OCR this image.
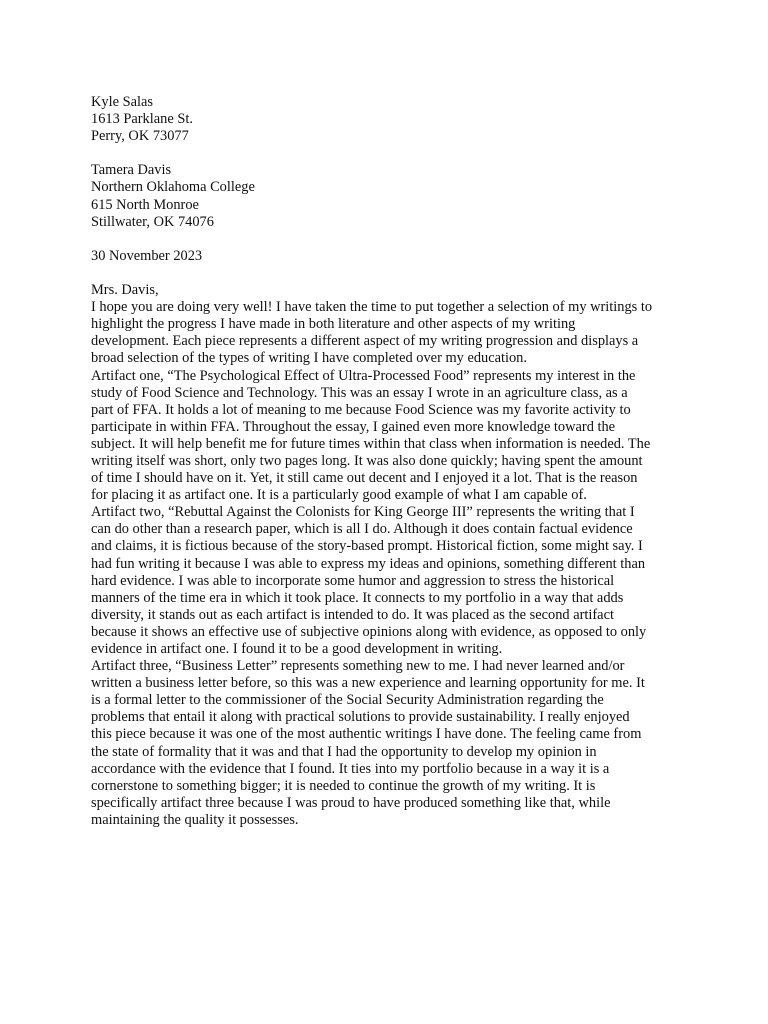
Kyle Salas
1613 Parklane St.
Perry, OK 73077
Tamera Davis
Northern Oklahoma College
615 North Monroe
Stillwater, OK 74076
30 November 2023
Mrs. Davis,
I hope you are doing very well! I have taken the time to put together a selection of my writings to
highlight the progress I have made in both literature and other aspects of my writing
development. Each piece represents a different aspect of my writing progression and displays a
broad selection of the types of writing I have completed over my education.
Artifact one, “The Psychological Effect of Ultra-Processed Food” represents my interest in the
study of Food Science and Technology. This was an essay I wrote in an agriculture class, as a
part of FFA. It holds a lot of meaning to me because Food Science was my favorite activity to
participate in within FFA. Throughout the essay, I gained even more knowledge toward the
subject. It will help benefit me for future times within that class when information is needed. The
writing itself was short, only two pages long. It was also done quickly; having spent the amount
of time I should have on it. Yet, it still came out decent and I enjoyed it a lot. That is the reason
for placing it as artifact one. It is a particularly good example of what I am capable of.
Artifact two, “Rebuttal Against the Colonists for King George III” represents the writing that I
can do other than a research paper, which is all I do. Although it does contain factual evidence
and claims, it is fictious because of the story-based prompt. Historical fiction, some might say. I
had fun writing it because I was able to express my ideas and opinions, something different than
hard evidence. I was able to incorporate some humor and aggression to stress the historical
manners of the time era in which it took place. It connects to my portfolio in a way that adds
diversity, it stands out as each artifact is intended to do. It was placed as the second artifact
because it shows an effective use of subjective opinions along with evidence, as opposed to only
evidence in artifact one. I found it to be a good development in writing.
Artifact three, “Business Letter” represents something new to me. I had never learned and/or
written a business letter before, so this was a new experience and learning opportunity for me. It
is a formal letter to the commissioner of the Social Security Administration regarding the
problems that entail it along with practical solutions to provide sustainability. I really enjoyed
this piece because it was one of the most authentic writings I have done. The feeling came from
the state of formality that it was and that I had the opportunity to develop my opinion in
accordance with the evidence that I found. It ties into my portfolio because in a way it is a
cornerstone to something bigger; it is needed to continue the growth of my writing. It is
specifically artifact three because I was proud to have produced something like that, while
maintaining the quality it possesses.
